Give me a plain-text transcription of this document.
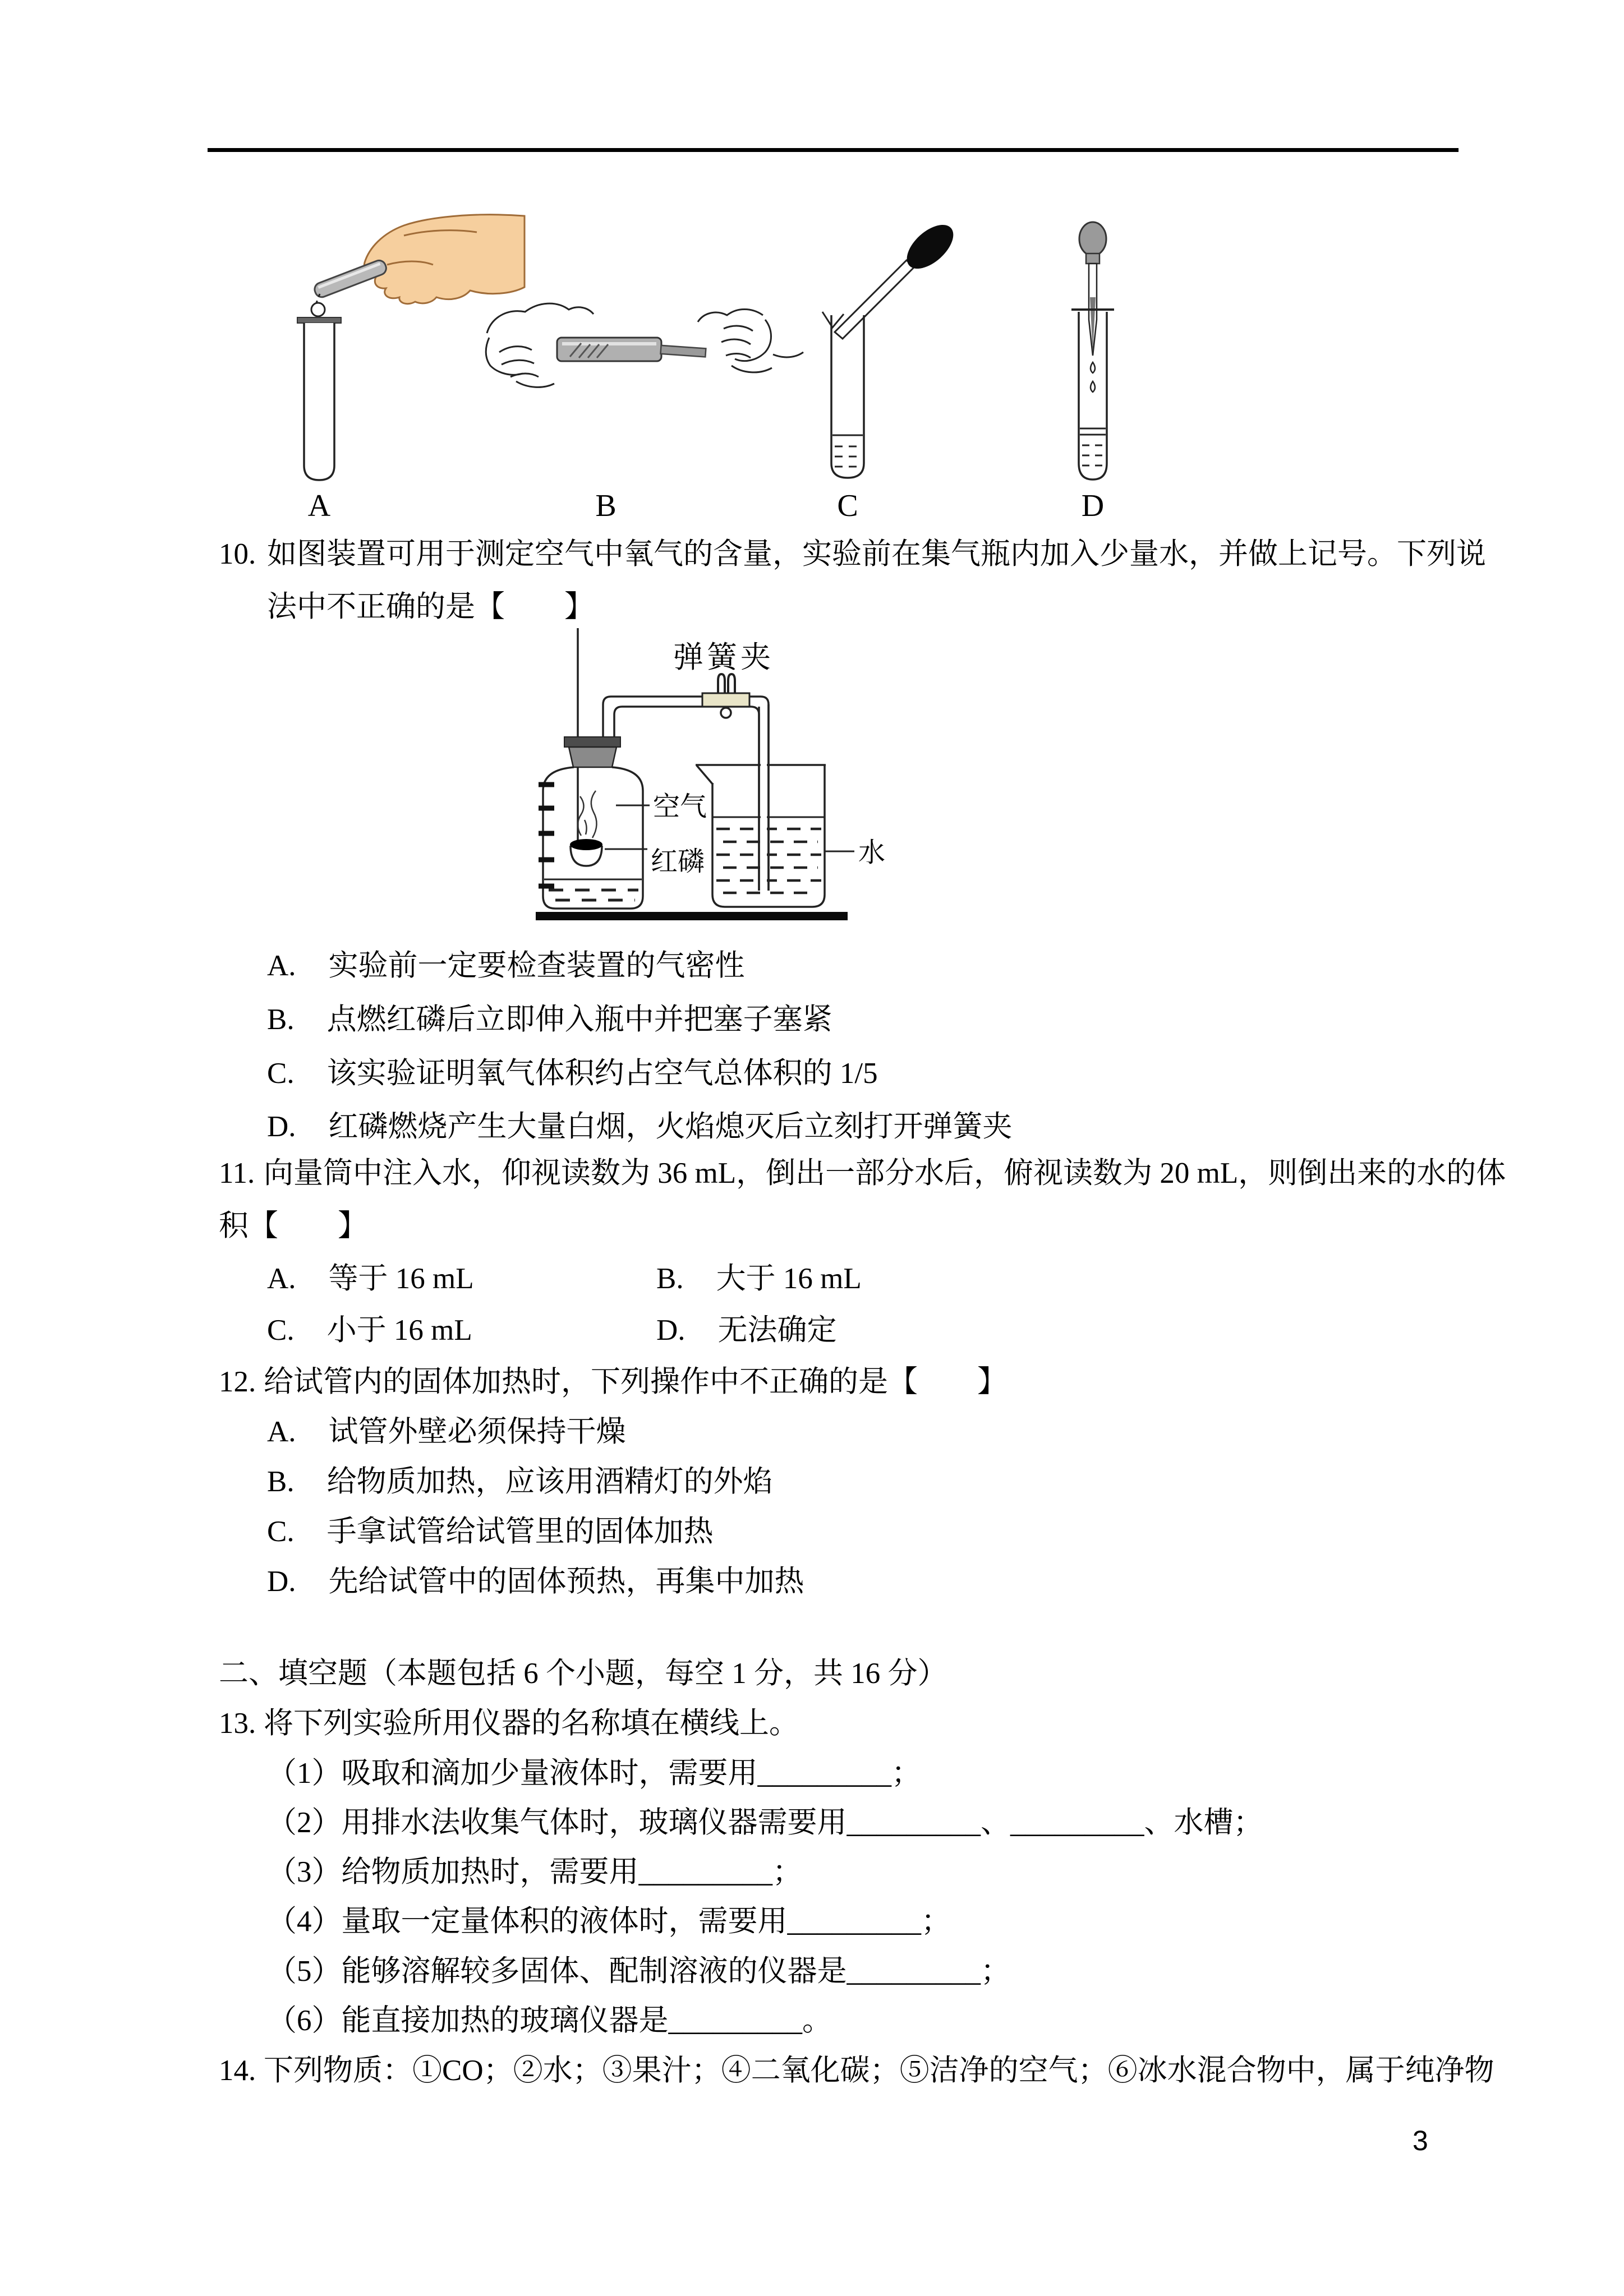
A	B	C	D
10. 如图装置可用于测定空气中氧气的含量，实验前在集气瓶内加入少量水，并做上记号。下列说
法中不正确的是【　　】
弹簧夹
空气
红磷	水
A. 实验前一定要检查装置的气密性
B. 点燃红磷后立即伸入瓶中并把塞子塞紧
C. 该实验证明氧气体积约占空气总体积的 1/5
D. 红磷燃烧产生大量白烟，火焰熄灭后立刻打开弹簧夹
11. 向量筒中注入水，仰视读数为 36 mL，倒出一部分水后，俯视读数为 20 mL，则倒出来的水的体
积【　　】
A. 等于 16 mL	B. 大于 16 mL
C. 小于 16 mL	D. 无法确定
12. 给试管内的固体加热时，下列操作中不正确的是【　　】
A. 试管外壁必须保持干燥
B. 给物质加热，应该用酒精灯的外焰
C. 手拿试管给试管里的固体加热
D. 先给试管中的固体预热，再集中加热
二、填空题（本题包括 6 个小题，每空 1 分，共 16 分）
13. 将下列实验所用仪器的名称填在横线上。
（1）吸取和滴加少量液体时，需要用_________；
（2）用排水法收集气体时，玻璃仪器需要用_________、_________、水槽；
（3）给物质加热时，需要用_________；
（4）量取一定量体积的液体时，需要用_________；
（5）能够溶解较多固体、配制溶液的仪器是_________；
（6）能直接加热的玻璃仪器是_________。
14. 下列物质：①CO；②水；③果汁；④二氧化碳；⑤洁净的空气；⑥冰水混合物中，属于纯净物
3
